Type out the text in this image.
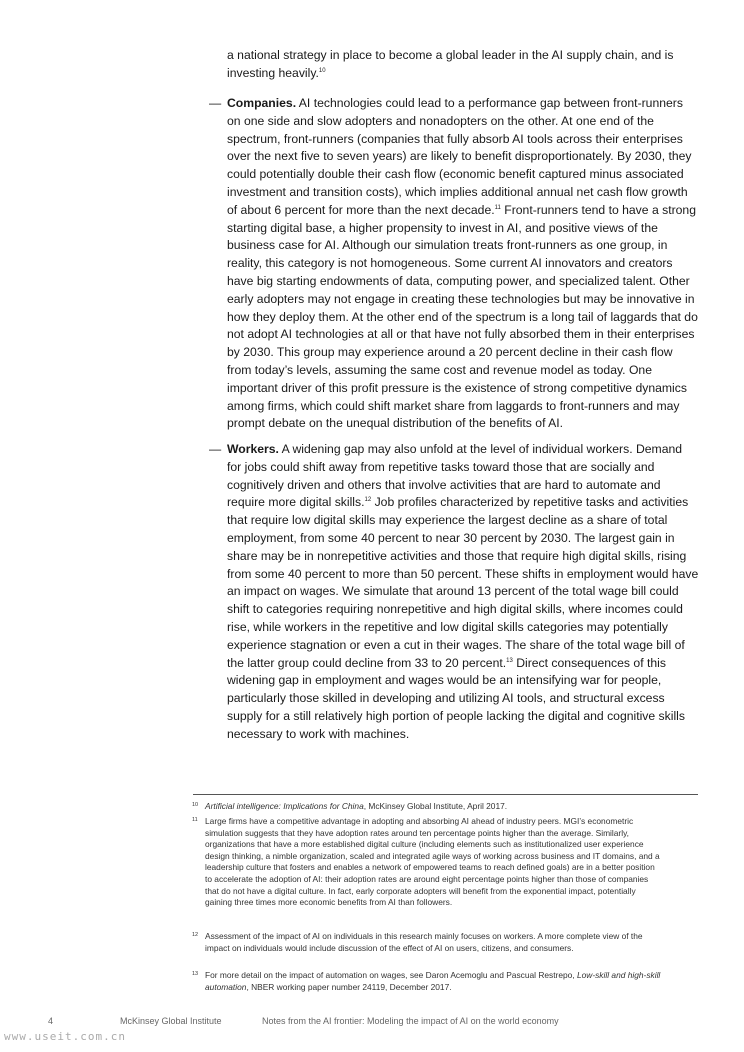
a national strategy in place to become a global leader in the AI supply chain, and is investing heavily.$^{10}$
— Companies. AI technologies could lead to a performance gap between front-runners on one side and slow adopters and nonadopters on the other. At one end of the spectrum, front-runners (companies that fully absorb AI tools across their enterprises over the next five to seven years) are likely to benefit disproportionately. By 2030, they could potentially double their cash flow (economic benefit captured minus associated investment and transition costs), which implies additional annual net cash flow growth of about 6 percent for more than the next decade.$^{11}$ Front-runners tend to have a strong starting digital base, a higher propensity to invest in AI, and positive views of the business case for AI. Although our simulation treats front-runners as one group, in reality, this category is not homogeneous. Some current AI innovators and creators have big starting endowments of data, computing power, and specialized talent. Other early adopters may not engage in creating these technologies but may be innovative in how they deploy them. At the other end of the spectrum is a long tail of laggards that do not adopt AI technologies at all or that have not fully absorbed them in their enterprises by 2030. This group may experience around a 20 percent decline in their cash flow from today’s levels, assuming the same cost and revenue model as today. One important driver of this profit pressure is the existence of strong competitive dynamics among firms, which could shift market share from laggards to front-runners and may prompt debate on the unequal distribution of the benefits of AI.
— Workers. A widening gap may also unfold at the level of individual workers. Demand for jobs could shift away from repetitive tasks toward those that are socially and cognitively driven and others that involve activities that are hard to automate and require more digital skills.$^{12}$ Job profiles characterized by repetitive tasks and activities that require low digital skills may experience the largest decline as a share of total employment, from some 40 percent to near 30 percent by 2030. The largest gain in share may be in nonrepetitive activities and those that require high digital skills, rising from some 40 percent to more than 50 percent. These shifts in employment would have an impact on wages. We simulate that around 13 percent of the total wage bill could shift to categories requiring nonrepetitive and high digital skills, where incomes could rise, while workers in the repetitive and low digital skills categories may potentially experience stagnation or even a cut in their wages. The share of the total wage bill of the latter group could decline from 33 to 20 percent.$^{13}$ Direct consequences of this widening gap in employment and wages would be an intensifying war for people, particularly those skilled in developing and utilizing AI tools, and structural excess supply for a still relatively high portion of people lacking the digital and cognitive skills necessary to work with machines.
10 Artificial intelligence: Implications for China, McKinsey Global Institute, April 2017.
11 Large firms have a competitive advantage in adopting and absorbing AI ahead of industry peers. MGI’s econometric simulation suggests that they have adoption rates around ten percentage points higher than the average. Similarly, organizations that have a more established digital culture (including elements such as institutionalized user experience design thinking, a nimble organization, scaled and integrated agile ways of working across business and IT domains, and a leadership culture that fosters and enables a network of empowered teams to reach defined goals) are in a better position to accelerate the adoption of AI: their adoption rates are around eight percentage points higher than those of companies that do not have a digital culture. In fact, early corporate adopters will benefit from the exponential impact, potentially gaining three times more economic benefits from AI than followers.
12 Assessment of the impact of AI on individuals in this research mainly focuses on workers. A more complete view of the impact on individuals would include discussion of the effect of AI on users, citizens, and consumers.
13 For more detail on the impact of automation on wages, see Daron Acemoglu and Pascual Restrepo, Low-skill and high-skill automation, NBER working paper number 24119, December 2017.
4	McKinsey Global Institute	Notes from the AI frontier: Modeling the impact of AI on the world economy
www.useit.com.cn
